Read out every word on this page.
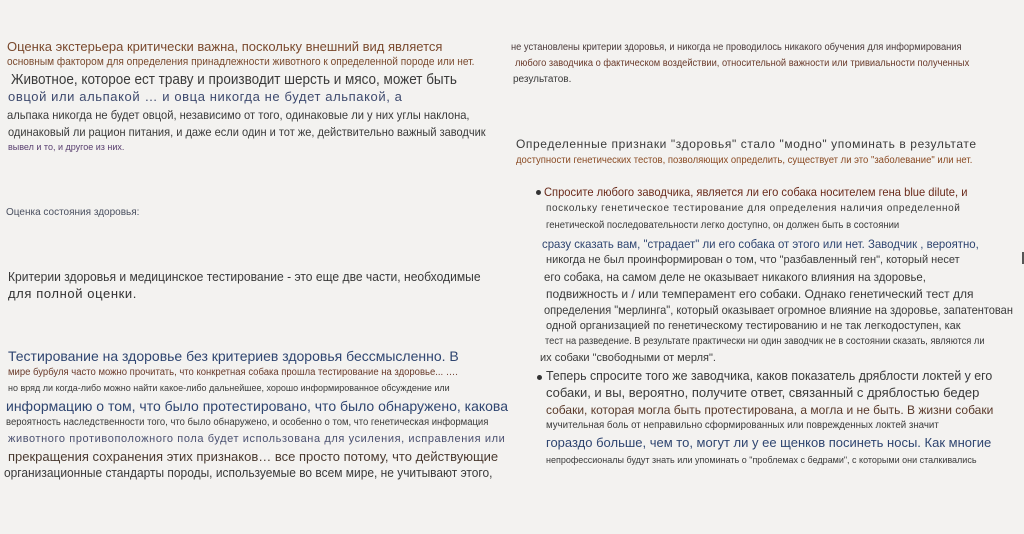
Оценка экстерьера критически важна, поскольку внешний вид является
основным фактором для определения принадлежности животного к определенной породе или нет.
Животное, которое ест траву и производит шерсть и мясо, может быть
овцой или альпакой … и овца никогда не будет альпакой, а
альпака никогда не будет овцой, независимо от того, одинаковые ли у них углы наклона,
одинаковый ли рацион питания, и даже если один и тот же, действительно важный заводчик
вывел и то, и другое из них.
Оценка состояния здоровья:
Критерии здоровья и медицинское тестирование - это еще две части, необходимые
для полной оценки.
Тестирование на здоровье без критериев здоровья бессмысленно. В
мире бурбуля часто можно прочитать, что конкретная собака прошла тестирование на здоровье... ….
но вряд ли когда-либо можно найти какое-либо дальнейшее, хорошо информированное обсуждение или
информацию о том, что было протестировано, что было обнаружено, какова
вероятность наследственности того, что было обнаружено, и особенно о том, что генетическая информация
животного противоположного пола будет использована для усиления, исправления или
прекращения сохранения этих признаков… все просто потому, что действующие
организационные стандарты породы, используемые во всем мире, не учитывают этого,
не установлены критерии здоровья, и никогда не проводилось никакого обучения для информирования
любого заводчика о фактическом воздействии, относительной важности или тривиальности полученных
результатов.
Определенные признаки "здоровья" стало "модно" упоминать в результате
доступности генетических тестов, позволяющих определить, существует ли это "заболевание" или нет.
Спросите любого заводчика, является ли его собака носителем гена blue dilute, и
поскольку генетическое тестирование для определения наличия определенной
генетической последовательности легко доступно, он должен быть в состоянии
сразу сказать вам, "страдает" ли его собака от этого или нет. Заводчик , вероятно,
никогда не был проинформирован о том, что "разбавленный ген", который несет
его собака, на самом деле не оказывает никакого влияния на здоровье,
подвижность и / или темперамент его собаки. Однако генетический тест для
определения "мерлинга", который оказывает огромное влияние на здоровье, запатентован
одной организацией по генетическому тестированию и не так легкодоступен, как
тест на разведение. В результате практически ни один заводчик не в состоянии сказать, являются ли
их собаки "свободными от мерля".
Теперь спросите того же заводчика, каков показатель дряблости локтей у его
собаки, и вы, вероятно, получите ответ, связанный с дряблостью бедер
собаки, которая могла быть протестирована, а могла и не быть. В жизни собаки
мучительная боль от неправильно сформированных или поврежденных локтей значит
гораздо больше, чем то, могут ли у ее щенков посинеть носы. Как многие
непрофессионалы будут знать или упоминать о "проблемах с бедрами", с которыми они сталкивались
